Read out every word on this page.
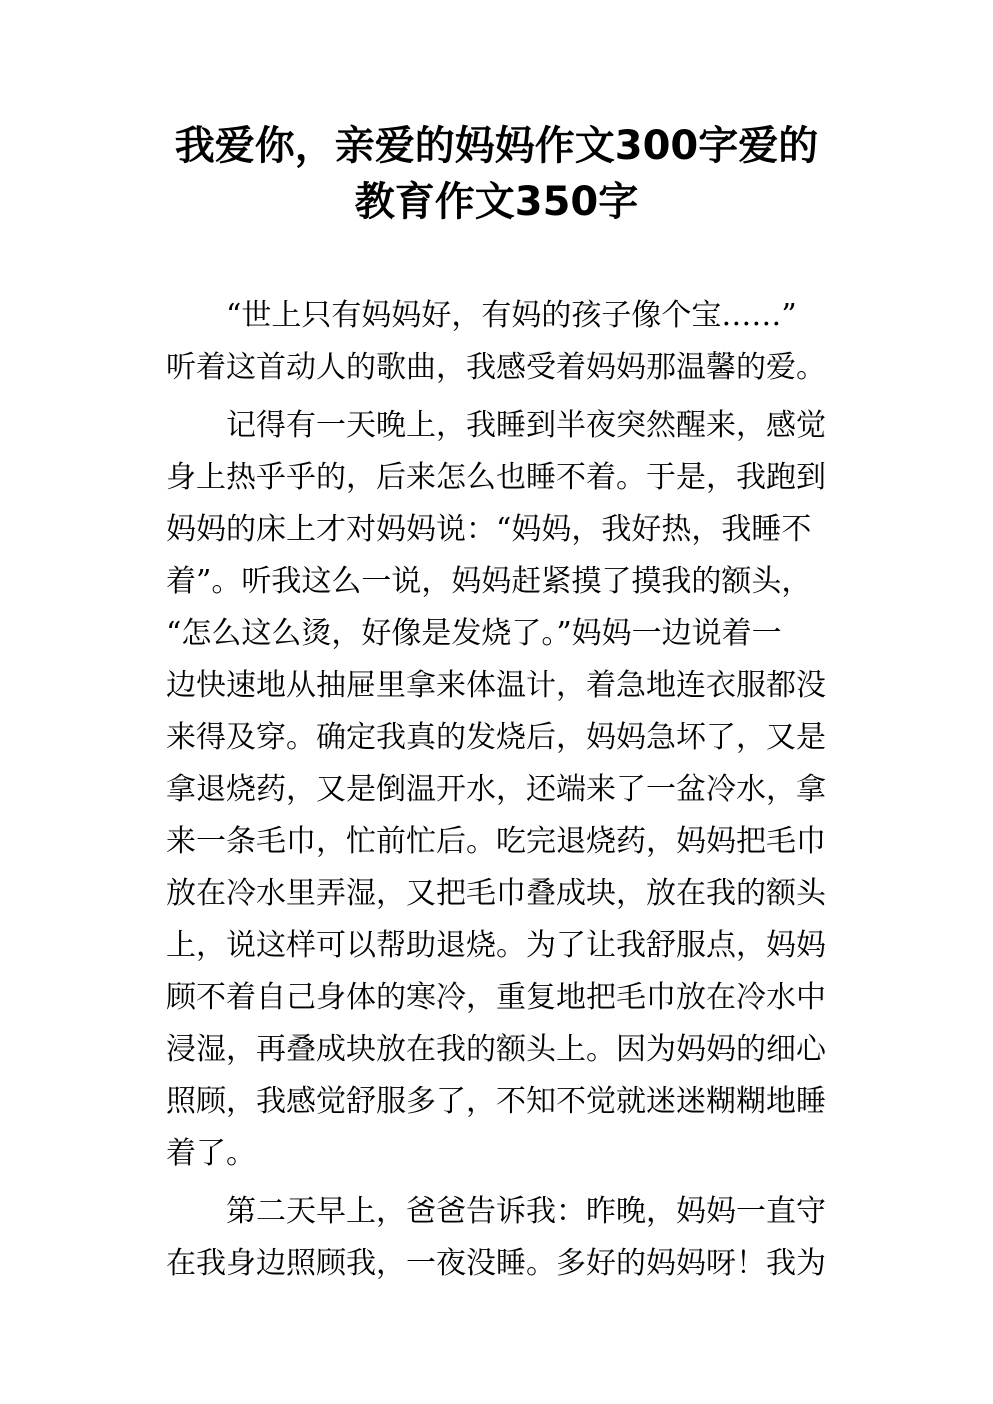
我爱你，亲爱的妈妈作文300字爱的
教育作文350字
“世上只有妈妈好，有妈的孩子像个宝……”
听着这首动人的歌曲，我感受着妈妈那温馨的爱。
记得有一天晚上，我睡到半夜突然醒来，感觉
身上热乎乎的，后来怎么也睡不着。于是，我跑到
妈妈的床上才对妈妈说：“妈妈，我好热，我睡不
着”。听我这么一说，妈妈赶紧摸了摸我的额头，
“怎么这么烫，好像是发烧了。”妈妈一边说着一
边快速地从抽屉里拿来体温计，着急地连衣服都没
来得及穿。确定我真的发烧后，妈妈急坏了，又是
拿退烧药，又是倒温开水，还端来了一盆冷水，拿
来一条毛巾，忙前忙后。吃完退烧药，妈妈把毛巾
放在冷水里弄湿，又把毛巾叠成块，放在我的额头
上，说这样可以帮助退烧。为了让我舒服点，妈妈
顾不着自己身体的寒冷，重复地把毛巾放在冷水中
浸湿，再叠成块放在我的额头上。因为妈妈的细心
照顾，我感觉舒服多了，不知不觉就迷迷糊糊地睡
着了。
第二天早上，爸爸告诉我：昨晚，妈妈一直守
在我身边照顾我，一夜没睡。多好的妈妈呀！我为
